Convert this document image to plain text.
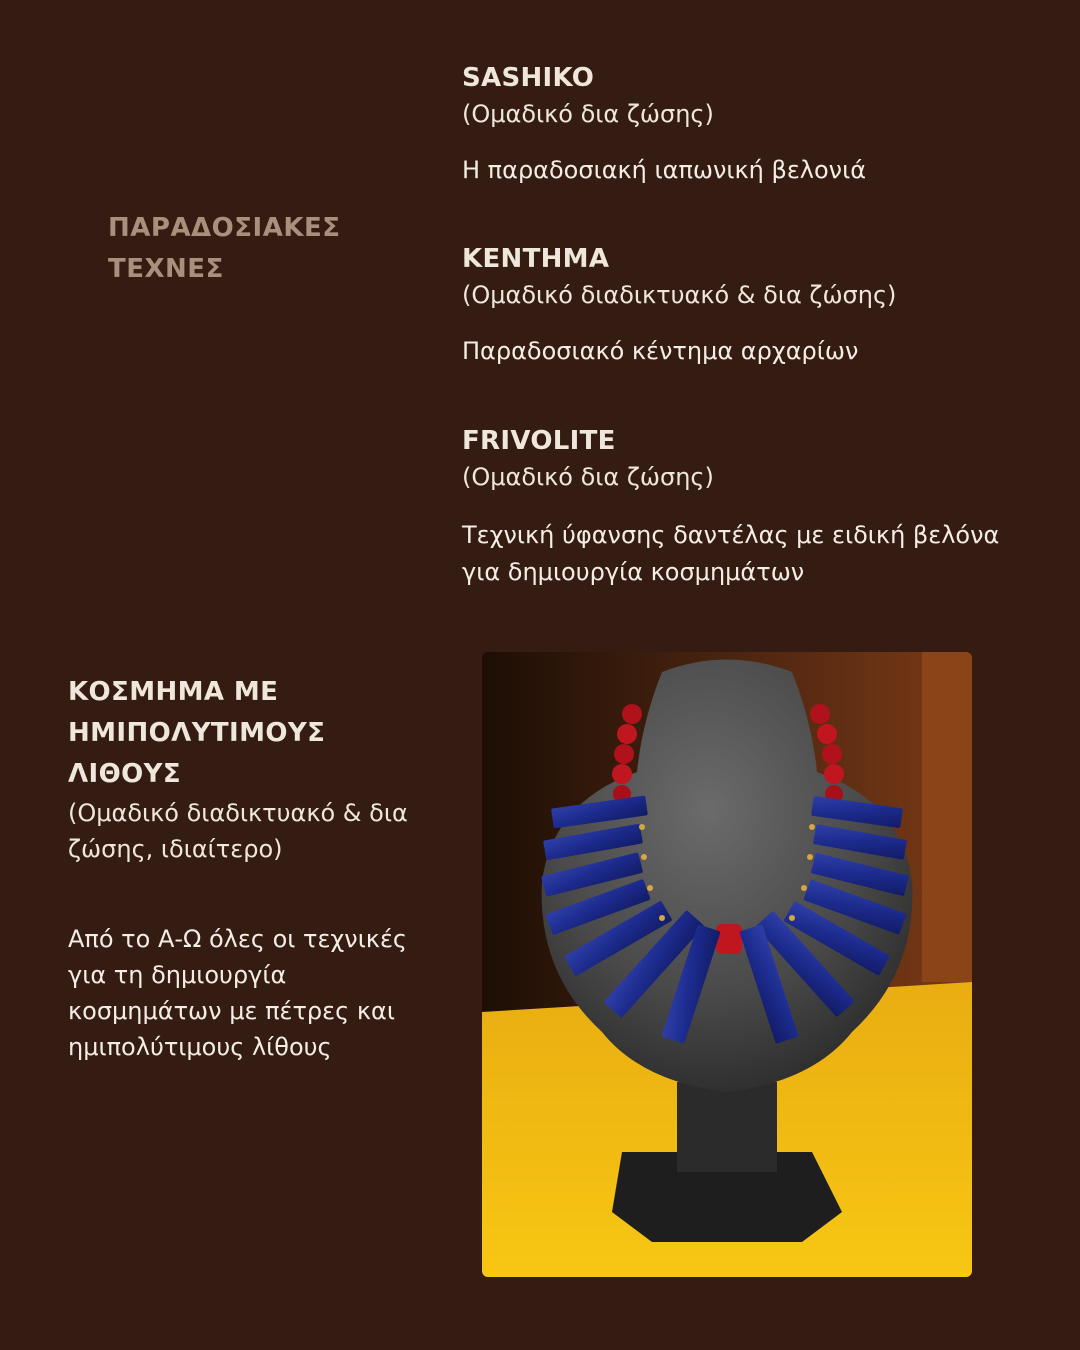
ΠΑΡΑΔΟΣΙΑΚΕΣ
ΤΕΧΝΕΣ
SASHIKO
(Ομαδικό δια ζώσης)
Η παραδοσιακή ιαπωνική βελονιά
ΚΕΝΤΗΜΑ
(Ομαδικό διαδικτυακό & δια ζώσης)
Παραδοσιακό κέντημα αρχαρίων
FRIVOLITE
(Ομαδικό δια ζώσης)
Τεχνική ύφανσης δαντέλας με ειδική βελόνα
για δημιουργία κοσμημάτων
ΚΟΣΜΗΜΑ ΜΕ
ΗΜΙΠΟΛΥΤΙΜΟΥΣ
ΛΙΘΟΥΣ
(Ομαδικό διαδικτυακό & δια
ζώσης, ιδιαίτερο)
Από το Α-Ω όλες οι τεχνικές
για τη δημιουργία
κοσμημάτων με πέτρες και
ημιπολύτιμους λίθους
